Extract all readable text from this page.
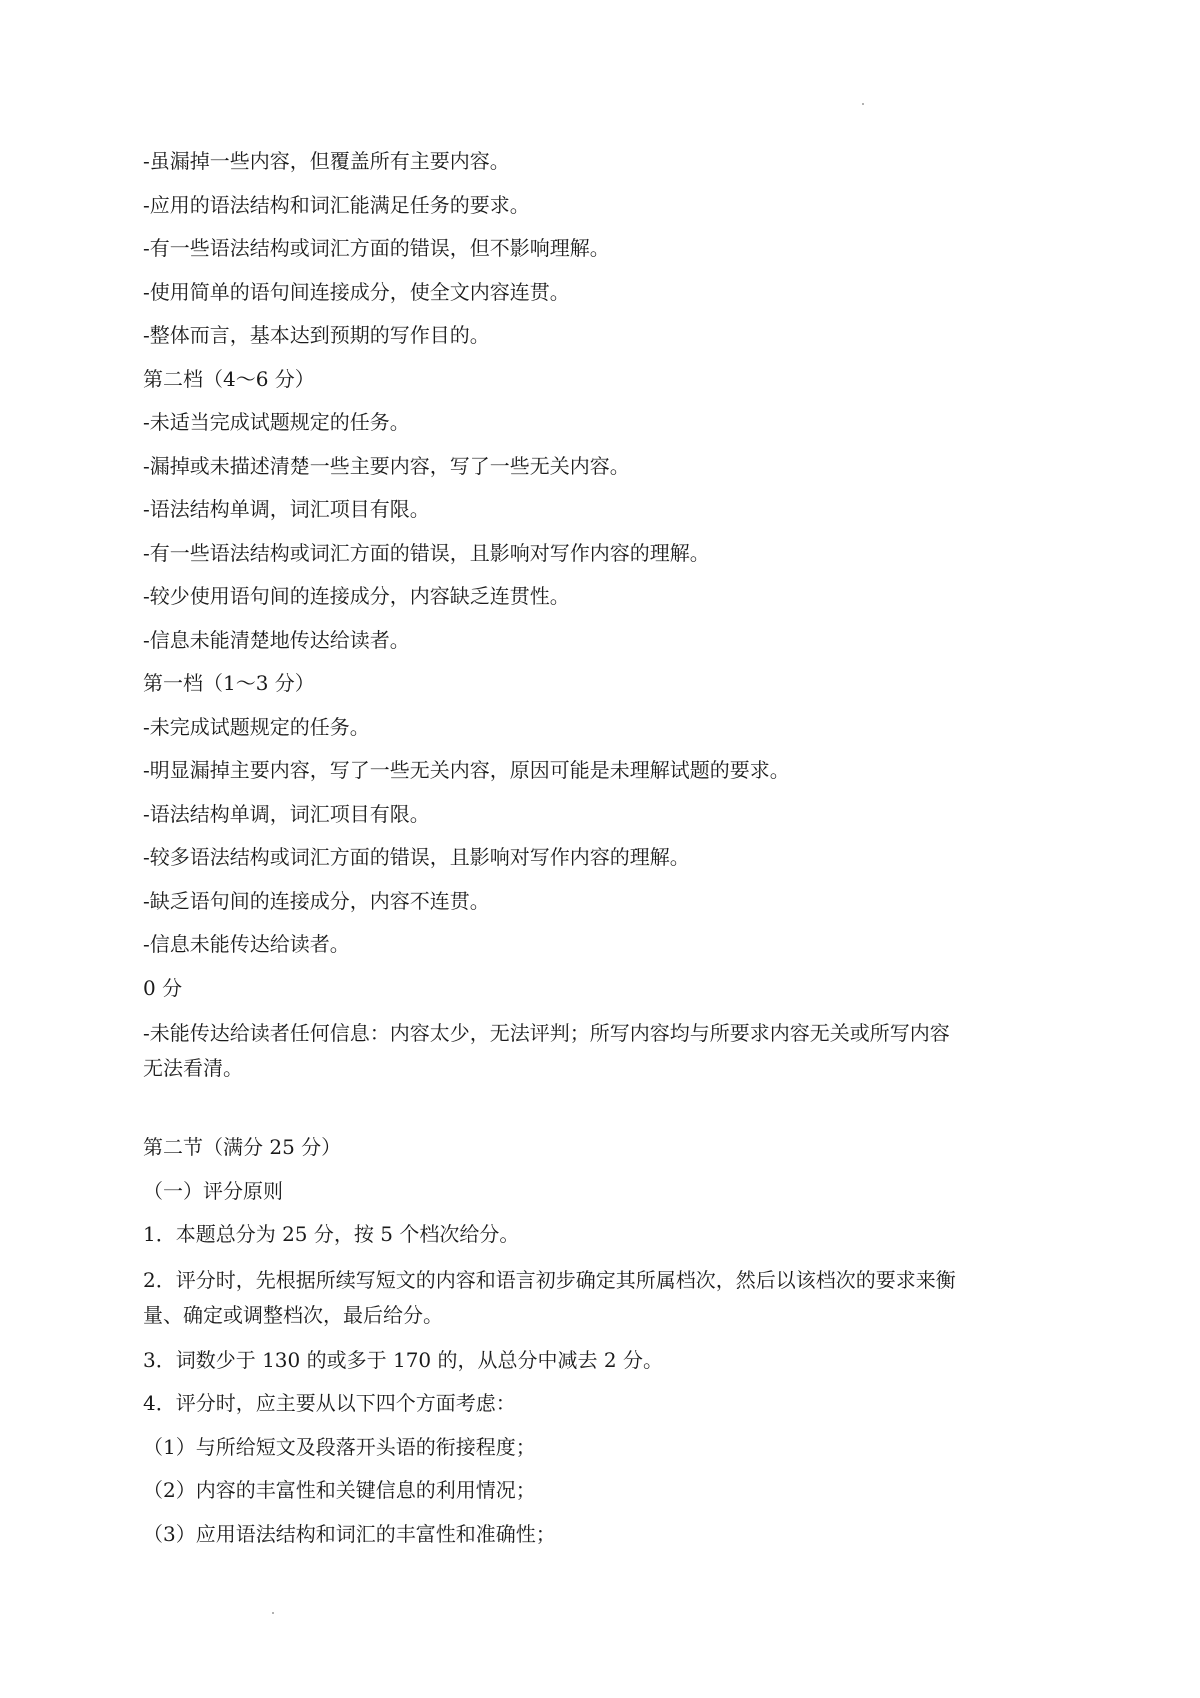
-虽漏掉一些内容，但覆盖所有主要内容。

-应用的语法结构和词汇能满足任务的要求。

-有一些语法结构或词汇方面的错误，但不影响理解。

-使用简单的语句间连接成分，使全文内容连贯。

-整体而言，基本达到预期的写作目的。

第二档（4～6 分）

-未适当完成试题规定的任务。

-漏掉或未描述清楚一些主要内容，写了一些无关内容。

-语法结构单调，词汇项目有限。

-有一些语法结构或词汇方面的错误，且影响对写作内容的理解。

-较少使用语句间的连接成分，内容缺乏连贯性。

-信息未能清楚地传达给读者。

第一档（1～3 分）

-未完成试题规定的任务。

-明显漏掉主要内容，写了一些无关内容，原因可能是未理解试题的要求。

-语法结构单调，词汇项目有限。

-较多语法结构或词汇方面的错误，且影响对写作内容的理解。

-缺乏语句间的连接成分，内容不连贯。

-信息未能传达给读者。

0 分

-未能传达给读者任何信息：内容太少，无法评判；所写内容均与所要求内容无关或所写内容
无法看清。

第二节（满分 25 分）

（一）评分原则

1．本题总分为 25 分，按 5 个档次给分。

2．评分时，先根据所续写短文的内容和语言初步确定其所属档次，然后以该档次的要求来衡
量、确定或调整档次，最后给分。

3．词数少于 130 的或多于 170 的，从总分中减去 2 分。

4．评分时，应主要从以下四个方面考虑：

（1）与所给短文及段落开头语的衔接程度；

（2）内容的丰富性和关键信息的利用情况；

（3）应用语法结构和词汇的丰富性和准确性；
